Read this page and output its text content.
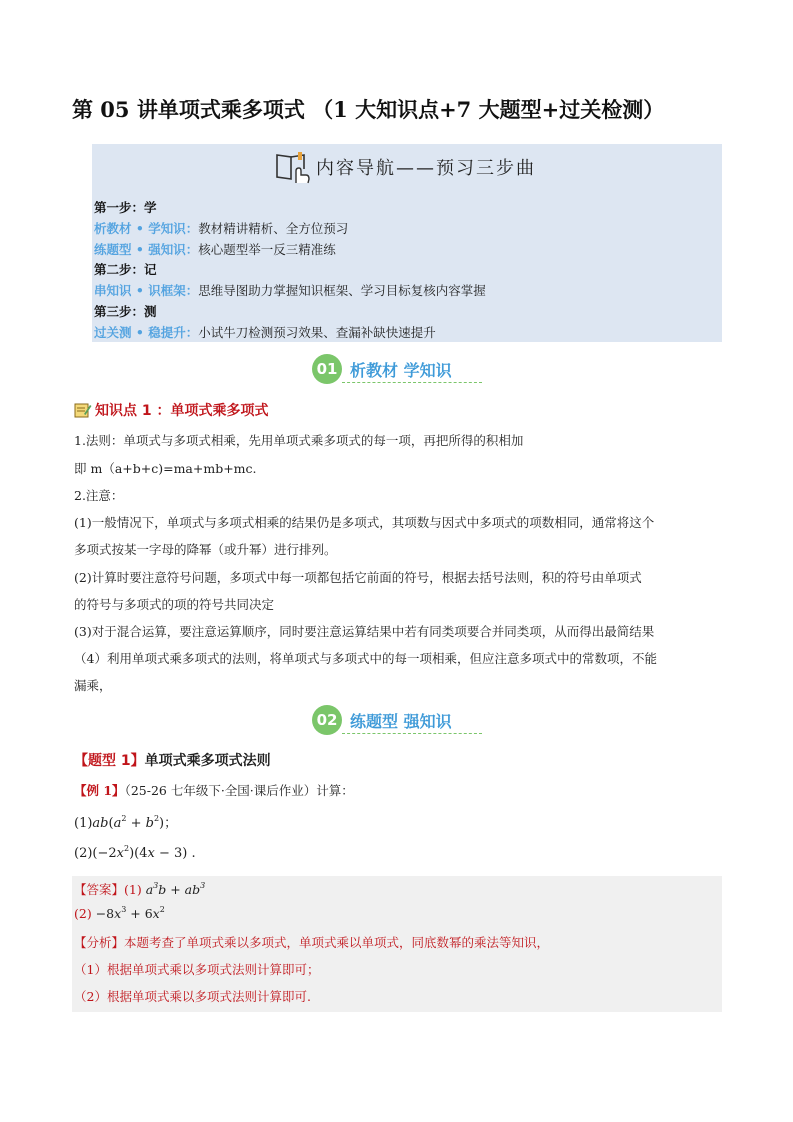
第 05 讲单项式乘多项式 （1 大知识点+7 大题型+过关检测）
内容导航——预习三步曲
第一步：学
析教材 • 学知识：教材精讲精析、全方位预习
练题型 • 强知识：核心题型举一反三精准练
第二步：记
串知识 • 识框架：思维导图助力掌握知识框架、学习目标复核内容掌握
第三步：测
过关测 • 稳提升：小试牛刀检测预习效果、查漏补缺快速提升
01 析教材 学知识
知识点 1 ：单项式乘多项式
1.法则：单项式与多项式相乘，先用单项式乘多项式的每一项，再把所得的积相加
即 m（a+b+c)=ma+mb+mc.
2.注意：
(1)一般情况下，单项式与多项式相乘的结果仍是多项式，其项数与因式中多项式的项数相同，通常将这个
多项式按某一字母的降幂（或升幂）进行排列。
(2)计算时要注意符号问题，多项式中每一项都包括它前面的符号，根据去括号法则，积的符号由单项式
的符号与多项式的项的符号共同决定
(3)对于混合运算，要注意运算顺序，同时要注意运算结果中若有同类项要合并同类项，从而得出最简结果
（4）利用单项式乘多项式的法则，将单项式与多项式中的每一项相乘，但应注意多项式中的常数项，不能
漏乘，
02 练题型 强知识
【题型 1】单项式乘多项式法则
【例 1】（25-26 七年级下·全国·课后作业）计算：
$(1)ab(a^2 + b^2)$；
$(2)(-2x^2)(4x - 3)$ .
【答案】(1) $a^3b + ab^3$
$(2) -8x^3 + 6x^2$
【分析】本题考查了单项式乘以多项式，单项式乘以单项式，同底数幂的乘法等知识，
（1）根据单项式乘以多项式法则计算即可；
（2）根据单项式乘以多项式法则计算即可.
